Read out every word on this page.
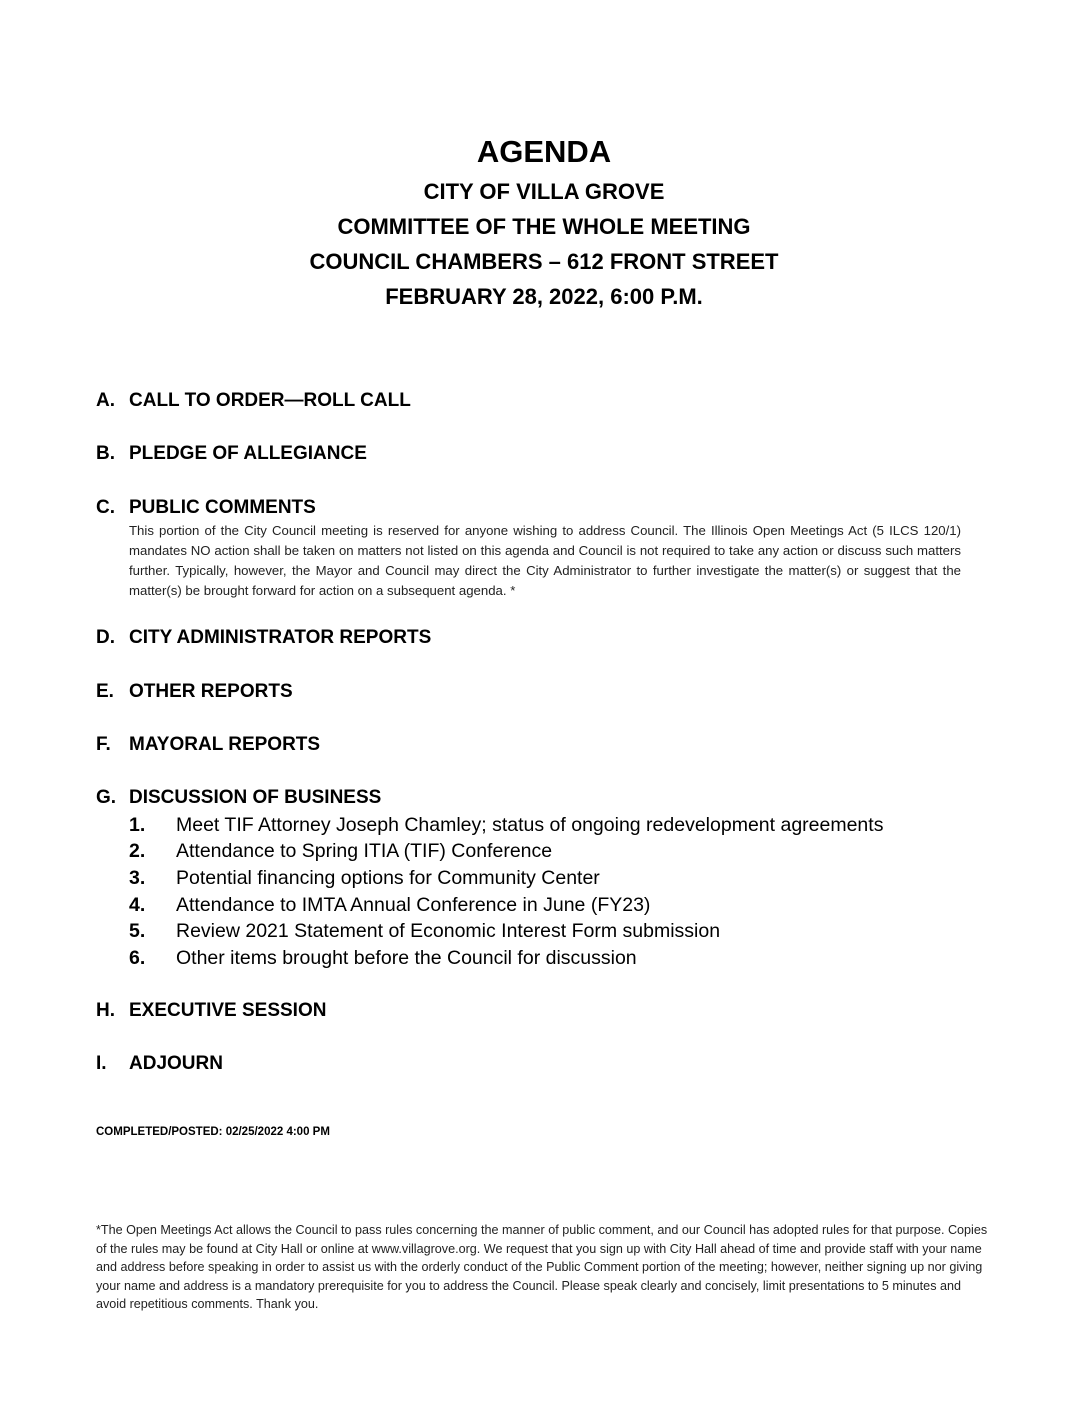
AGENDA
CITY OF VILLA GROVE
COMMITTEE OF THE WHOLE MEETING
COUNCIL CHAMBERS – 612 FRONT STREET
FEBRUARY 28, 2022, 6:00 P.M.
A. CALL TO ORDER—ROLL CALL
B. PLEDGE OF ALLEGIANCE
C. PUBLIC COMMENTS
This portion of the City Council meeting is reserved for anyone wishing to address Council. The Illinois Open Meetings Act (5 ILCS 120/1) mandates NO action shall be taken on matters not listed on this agenda and Council is not required to take any action or discuss such matters further. Typically, however, the Mayor and Council may direct the City Administrator to further investigate the matter(s) or suggest that the matter(s) be brought forward for action on a subsequent agenda. *
D. CITY ADMINISTRATOR REPORTS
E. OTHER REPORTS
F. MAYORAL REPORTS
G. DISCUSSION OF BUSINESS
1. Meet TIF Attorney Joseph Chamley; status of ongoing redevelopment agreements
2. Attendance to Spring ITIA (TIF) Conference
3. Potential financing options for Community Center
4. Attendance to IMTA Annual Conference in June (FY23)
5. Review 2021 Statement of Economic Interest Form submission
6. Other items brought before the Council for discussion
H. EXECUTIVE SESSION
I. ADJOURN
COMPLETED/POSTED: 02/25/2022 4:00 PM
*The Open Meetings Act allows the Council to pass rules concerning the manner of public comment, and our Council has adopted rules for that purpose. Copies of the rules may be found at City Hall or online at www.villagrove.org. We request that you sign up with City Hall ahead of time and provide staff with your name and address before speaking in order to assist us with the orderly conduct of the Public Comment portion of the meeting; however, neither signing up nor giving your name and address is a mandatory prerequisite for you to address the Council. Please speak clearly and concisely, limit presentations to 5 minutes and avoid repetitious comments. Thank you.
